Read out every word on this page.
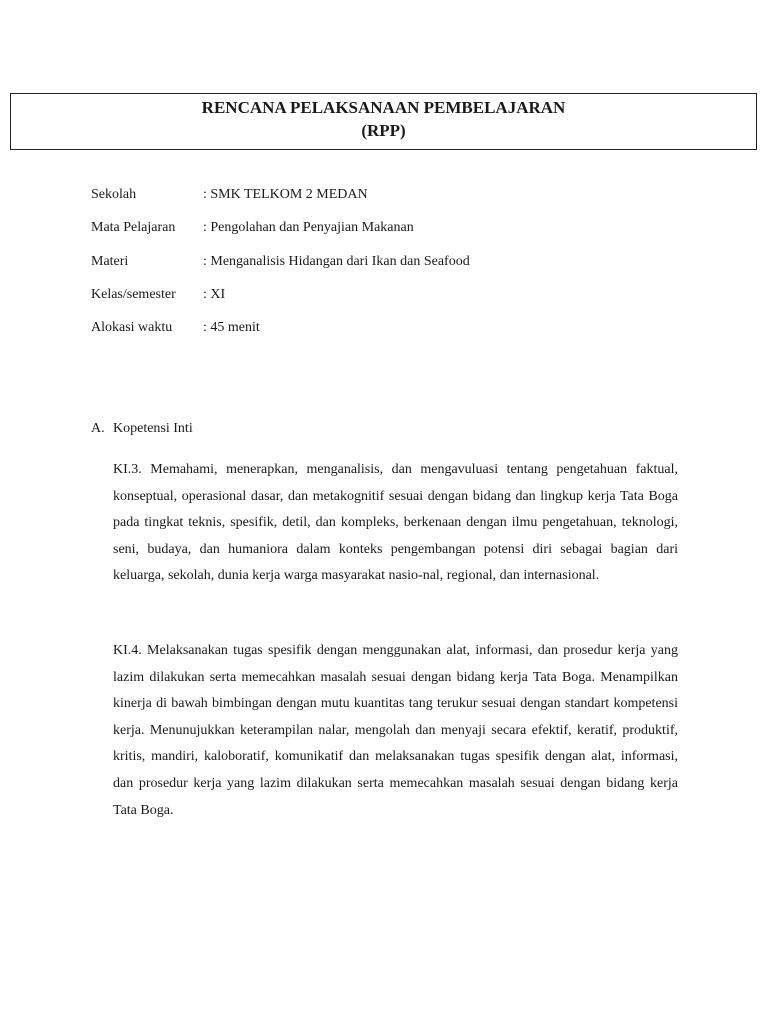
RENCANA PELAKSANAAN PEMBELAJARAN
(RPP)
Sekolah	: SMK TELKOM 2 MEDAN
Mata Pelajaran : Pengolahan dan Penyajian Makanan
Materi	: Menganalisis Hidangan dari Ikan dan Seafood
Kelas/semester : XI
Alokasi waktu : 45 menit
A. Kopetensi Inti

KI.3. Memahami, menerapkan, menganalisis, dan mengavuluasi tentang pengetahuan faktual, konseptual, operasional dasar, dan metakognitif sesuai dengan bidang dan lingkup kerja Tata Boga pada tingkat teknis, spesifik, detil, dan kompleks, berkenaan dengan ilmu pengetahuan, teknologi, seni, budaya, dan humaniora dalam konteks pengembangan potensi diri sebagai bagian dari keluarga, sekolah, dunia kerja warga masyarakat nasio-nal, regional, dan internasional.

KI.4. Melaksanakan tugas spesifik dengan menggunakan alat, informasi, dan prosedur kerja yang lazim dilakukan serta memecahkan masalah sesuai dengan bidang kerja Tata Boga. Menampilkan kinerja di bawah bimbingan dengan mutu kuantitas tang terukur sesuai dengan standart kompetensi kerja. Menunujukkan keterampilan nalar, mengolah dan menyaji secara efektif, keratif, produktif, kritis, mandiri, kaloboratif, komunikatif dan melaksanakan tugas spesifik dengan alat, informasi, dan prosedur kerja yang lazim dilakukan serta memecahkan masalah sesuai dengan bidang kerja Tata Boga.
